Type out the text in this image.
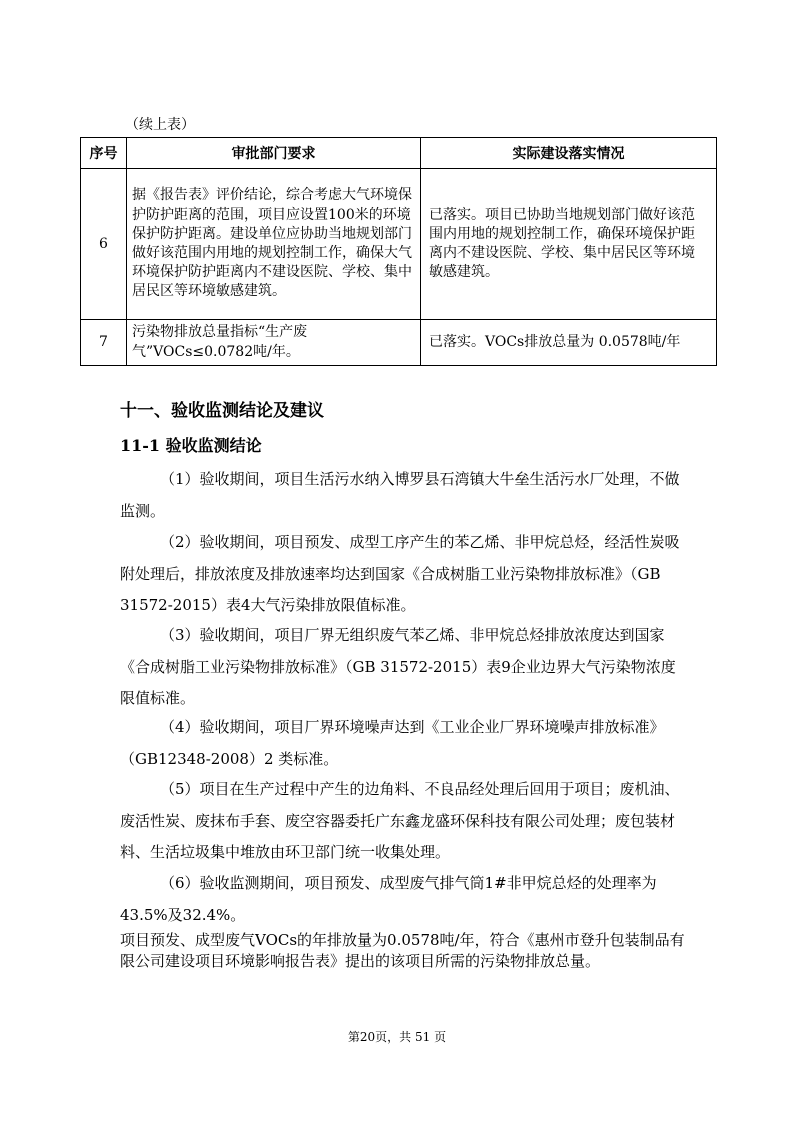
（续上表）
序号	审批部门要求	实际建设落实情况
6	据《报告表》评价结论，综合考虑大气环境保护防护距离的范围，项目应设置100米的环境保护防护距离。建设单位应协助当地规划部门做好该范围内用地的规划控制工作，确保大气环境保护防护距离内不建设医院、学校、集中居民区等环境敏感建筑。	已落实。项目已协助当地规划部门做好该范围内用地的规划控制工作，确保环境保护距离内不建设医院、学校、集中居民区等环境敏感建筑。
7	污染物排放总量指标“生产废气”VOCs≤0.0782吨/年。	已落实。VOCs排放总量为 0.0578吨/年
十一、验收监测结论及建议
11-1 验收监测结论

（1）验收期间，项目生活污水纳入博罗县石湾镇大牛垒生活污水厂处理，不做监测。

（2）验收期间，项目预发、成型工序产生的苯乙烯、非甲烷总烃，经活性炭吸附处理后，排放浓度及排放速率均达到国家《合成树脂工业污染物排放标准》（GB 31572-2015）表4大气污染排放限值标准。

（3）验收期间，项目厂界无组织废气苯乙烯、非甲烷总烃排放浓度达到国家《合成树脂工业污染物排放标准》（GB 31572-2015）表9企业边界大气污染物浓度限值标准。

（4）验收期间，项目厂界环境噪声达到《工业企业厂界环境噪声排放标准》（GB12348-2008）2 类标准。

（5）项目在生产过程中产生的边角料、不良品经处理后回用于项目；废机油、废活性炭、废抹布手套、废空容器委托广东鑫龙盛环保科技有限公司处理；废包装材料、生活垃圾集中堆放由环卫部门统一收集处理。

（6）验收监测期间，项目预发、成型废气排气筒1#非甲烷总烃的处理率为43.5%及32.4%。

项目预发、成型废气VOCs的年排放量为0.0578吨/年，符合《惠州市登升包装制品有限公司建设项目环境影响报告表》提出的该项目所需的污染物排放总量。

第20页，共 51 页
